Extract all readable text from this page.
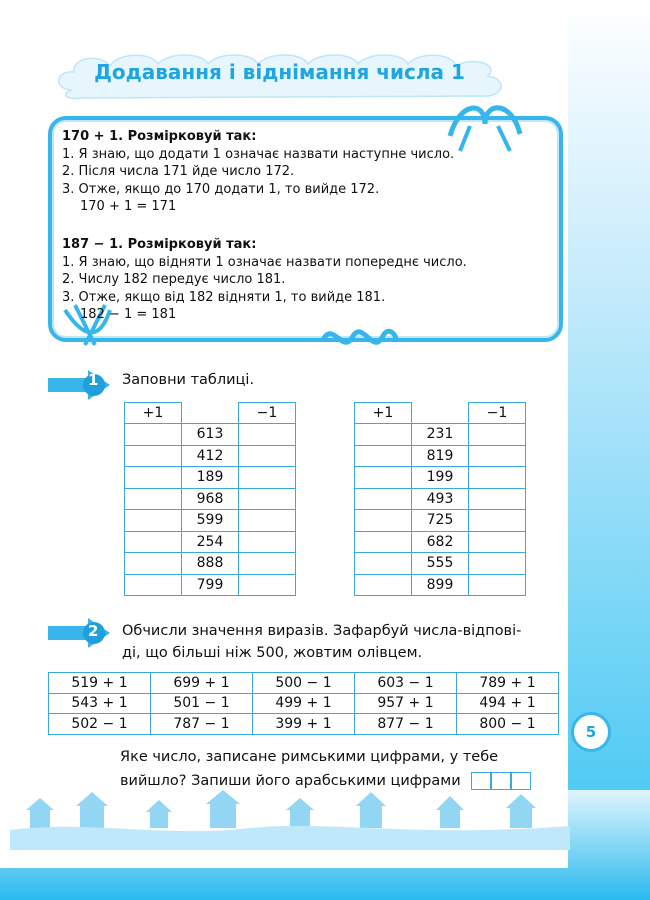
Додавання і віднімання числа 1
170 + 1. Розмірковуй так:
1. Я знаю, що додати 1 означає назвати наступне число.
2. Після числа 171 йде число 172.
3. Отже, якщо до 170 додати 1, то вийде 172.
170 + 1 = 171
187 − 1. Розмірковуй так:
1. Я знаю, що відняти 1 означає назвати попереднє число.
2. Числу 182 передує число 181.
3. Отже, якщо від 182 відняти 1, то вийде 181.
182 − 1 = 181
1 Заповни таблиці.
+1		−1
	613	
	412	
	189	
	968	
	599	
	254	
	888	
	799	
+1		−1
	231	
	819	
	199	
	493	
	725	
	682	
	555	
	899	
2 Обчисли значення виразів. Зафарбуй числа-відпові-
ді, що більші ніж 500, жовтим олівцем.
519 + 1	699 + 1	500 − 1	603 − 1	789 + 1
543 + 1	501 − 1	499 + 1	957 + 1	494 + 1
502 − 1	787 − 1	399 + 1	877 − 1	800 − 1
Яке число, записане римськими цифрами, у тебе
вийшло? Запиши його арабськими цифрами
5
